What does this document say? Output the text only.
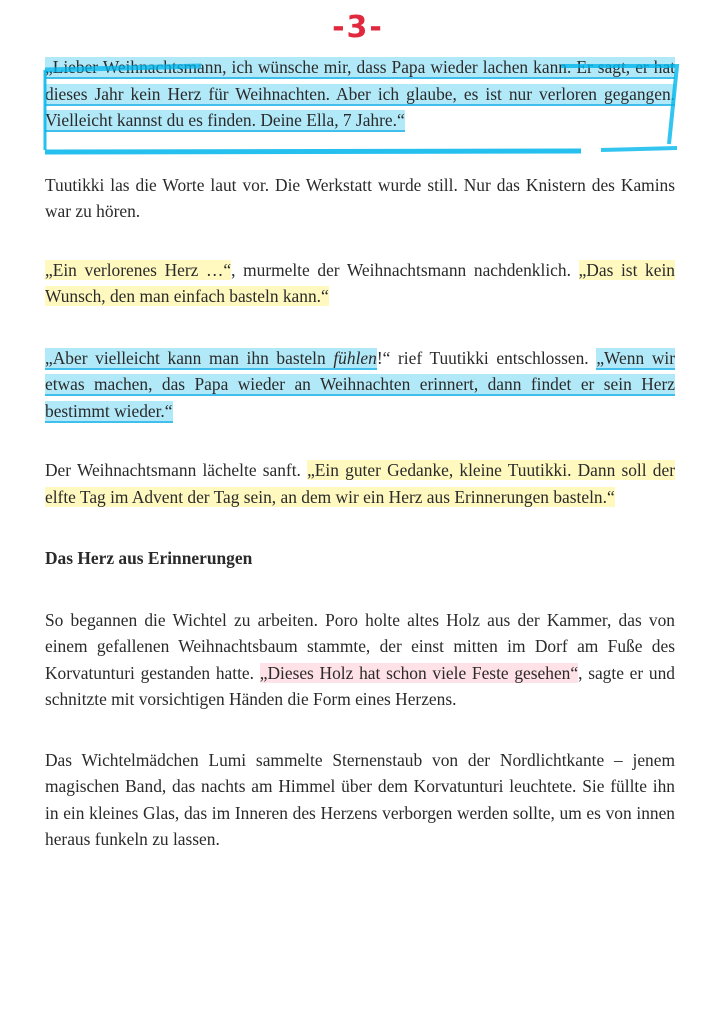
-3-

„Lieber Weihnachtsmann, ich wünsche mir, dass Papa wieder lachen kann. Er sagt, er hat dieses Jahr kein Herz für Weihnachten. Aber ich glaube, es ist nur verloren gegangen. Vielleicht kannst du es finden. Deine Ella, 7 Jahre.“

Tuutikki las die Worte laut vor. Die Werkstatt wurde still. Nur das Knistern des Kamins war zu hören.

„Ein verlorenes Herz …“, murmelte der Weihnachtsmann nachdenklich. „Das ist kein Wunsch, den man einfach basteln kann.“

„Aber vielleicht kann man ihn basteln fühlen!“ rief Tuutikki entschlossen. „Wenn wir etwas machen, das Papa wieder an Weihnachten erinnert, dann findet er sein Herz bestimmt wieder.“

Der Weihnachtsmann lächelte sanft. „Ein guter Gedanke, kleine Tuutikki. Dann soll der elfte Tag im Advent der Tag sein, an dem wir ein Herz aus Erinnerungen basteln.“

Das Herz aus Erinnerungen

So begannen die Wichtel zu arbeiten. Poro holte altes Holz aus der Kammer, das von einem gefallenen Weihnachtsbaum stammte, der einst mitten im Dorf am Fuße des Korvatunturi gestanden hatte. „Dieses Holz hat schon viele Feste gesehen“, sagte er und schnitzte mit vorsichtigen Händen die Form eines Herzens.

Das Wichtelmädchen Lumi sammelte Sternenstaub von der Nordlichtkante – jenem magischen Band, das nachts am Himmel über dem Korvatunturi leuchtete. Sie füllte ihn in ein kleines Glas, das im Inneren des Herzens verborgen werden sollte, um es von innen heraus funkeln zu lassen.
